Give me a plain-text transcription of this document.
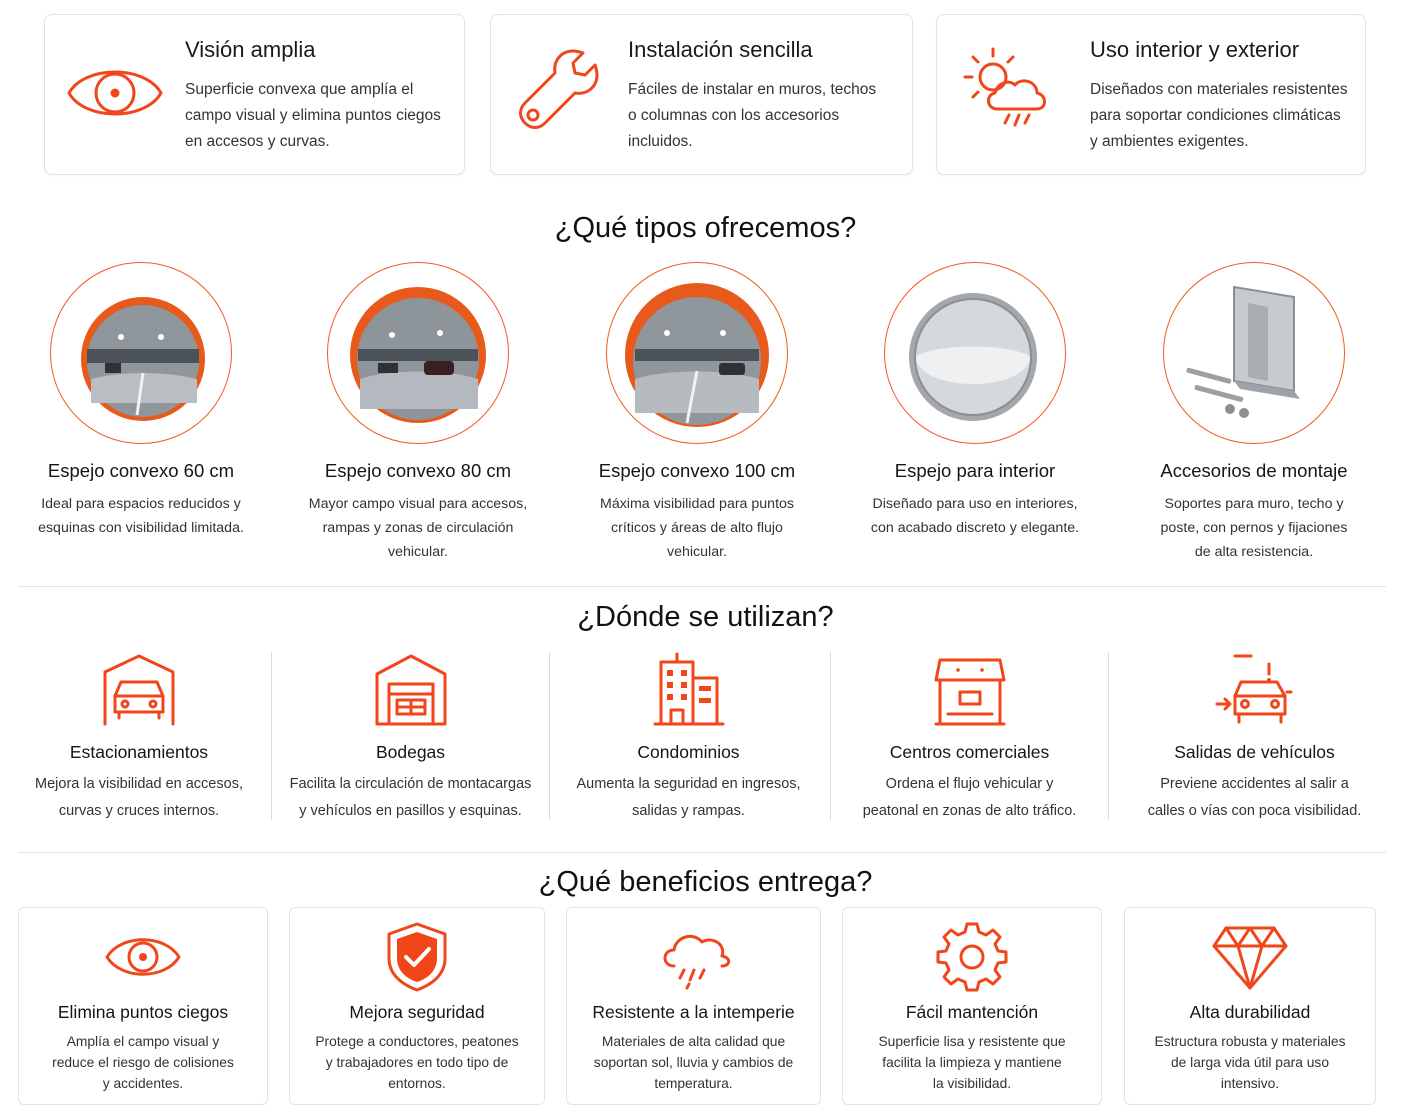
Visión amplia
Superficie convexa que amplía el
campo visual y elimina puntos ciegos
en accesos y curvas.
Instalación sencilla
Fáciles de instalar en muros, techos
o columnas con los accesorios
incluidos.
Uso interior y exterior
Diseñados con materiales resistentes
para soportar condiciones climáticas
y ambientes exigentes.
¿Qué tipos ofrecemos?
Espejo convexo 60 cm
Ideal para espacios reducidos y
esquinas con visibilidad limitada.
Espejo convexo 80 cm
Mayor campo visual para accesos,
rampas y zonas de circulación
vehicular.
Espejo convexo 100 cm
Máxima visibilidad para puntos
críticos y áreas de alto flujo
vehicular.
Espejo para interior
Diseñado para uso en interiores,
con acabado discreto y elegante.
Accesorios de montaje
Soportes para muro, techo y
poste, con pernos y fijaciones
de alta resistencia.
¿Dónde se utilizan?
Estacionamientos
Mejora la visibilidad en accesos,
curvas y cruces internos.
Bodegas
Facilita la circulación de montacargas
y vehículos en pasillos y esquinas.
Condominios
Aumenta la seguridad en ingresos,
salidas y rampas.
Centros comerciales
Ordena el flujo vehicular y
peatonal en zonas de alto tráfico.
Salidas de vehículos
Previene accidentes al salir a
calles o vías con poca visibilidad.
¿Qué beneficios entrega?
Elimina puntos ciegos
Amplía el campo visual y
reduce el riesgo de colisiones
y accidentes.
Mejora seguridad
Protege a conductores, peatones
y trabajadores en todo tipo de
entornos.
Resistente a la intemperie
Materiales de alta calidad que
soportan sol, lluvia y cambios de
temperatura.
Fácil mantención
Superficie lisa y resistente que
facilita la limpieza y mantiene
la visibilidad.
Alta durabilidad
Estructura robusta y materiales
de larga vida útil para uso
intensivo.
